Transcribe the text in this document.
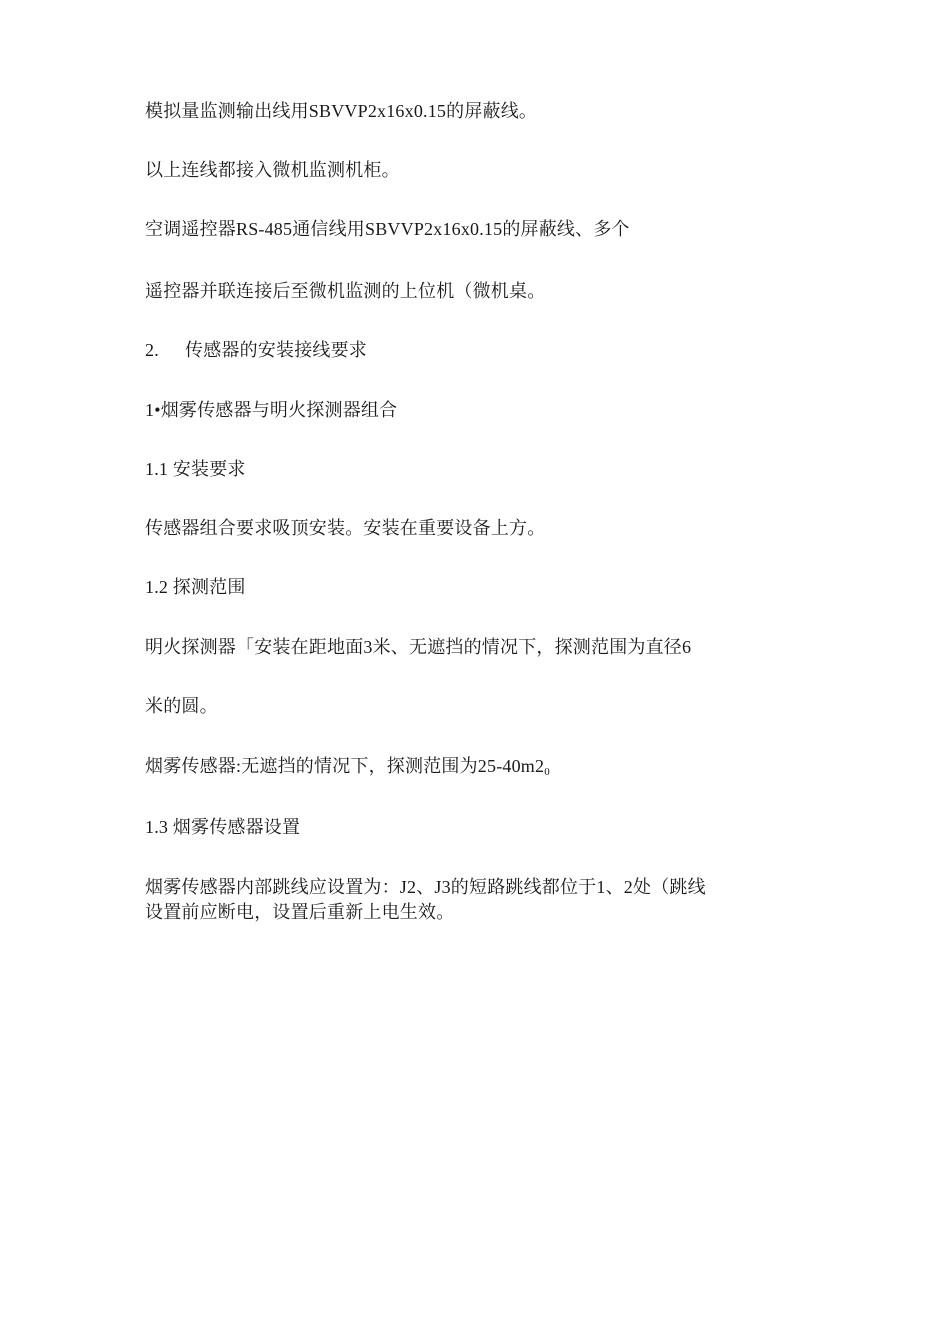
模拟量监测输出线用SBVVP2x16x0.15的屏蔽线。
以上连线都接入微机监测机柜。
空调遥控器RS-485通信线用SBVVP2x16x0.15的屏蔽线、多个
遥控器并联连接后至微机监测的上位机（微机桌。
2. 传感器的安装接线要求
1•烟雾传感器与明火探测器组合
1.1 安装要求
传感器组合要求吸顶安装。安装在重要设备上方。
1.2 探测范围
明火探测器「安装在距地面3米、无遮挡的情况下，探测范围为直径6
米的圆。
烟雾传感器:无遮挡的情况下，探测范围为$25-40m2_0$
1.3 烟雾传感器设置
烟雾传感器内部跳线应设置为：J2、J3的短路跳线都位于1、2处（跳线
设置前应断电，设置后重新上电生效。
